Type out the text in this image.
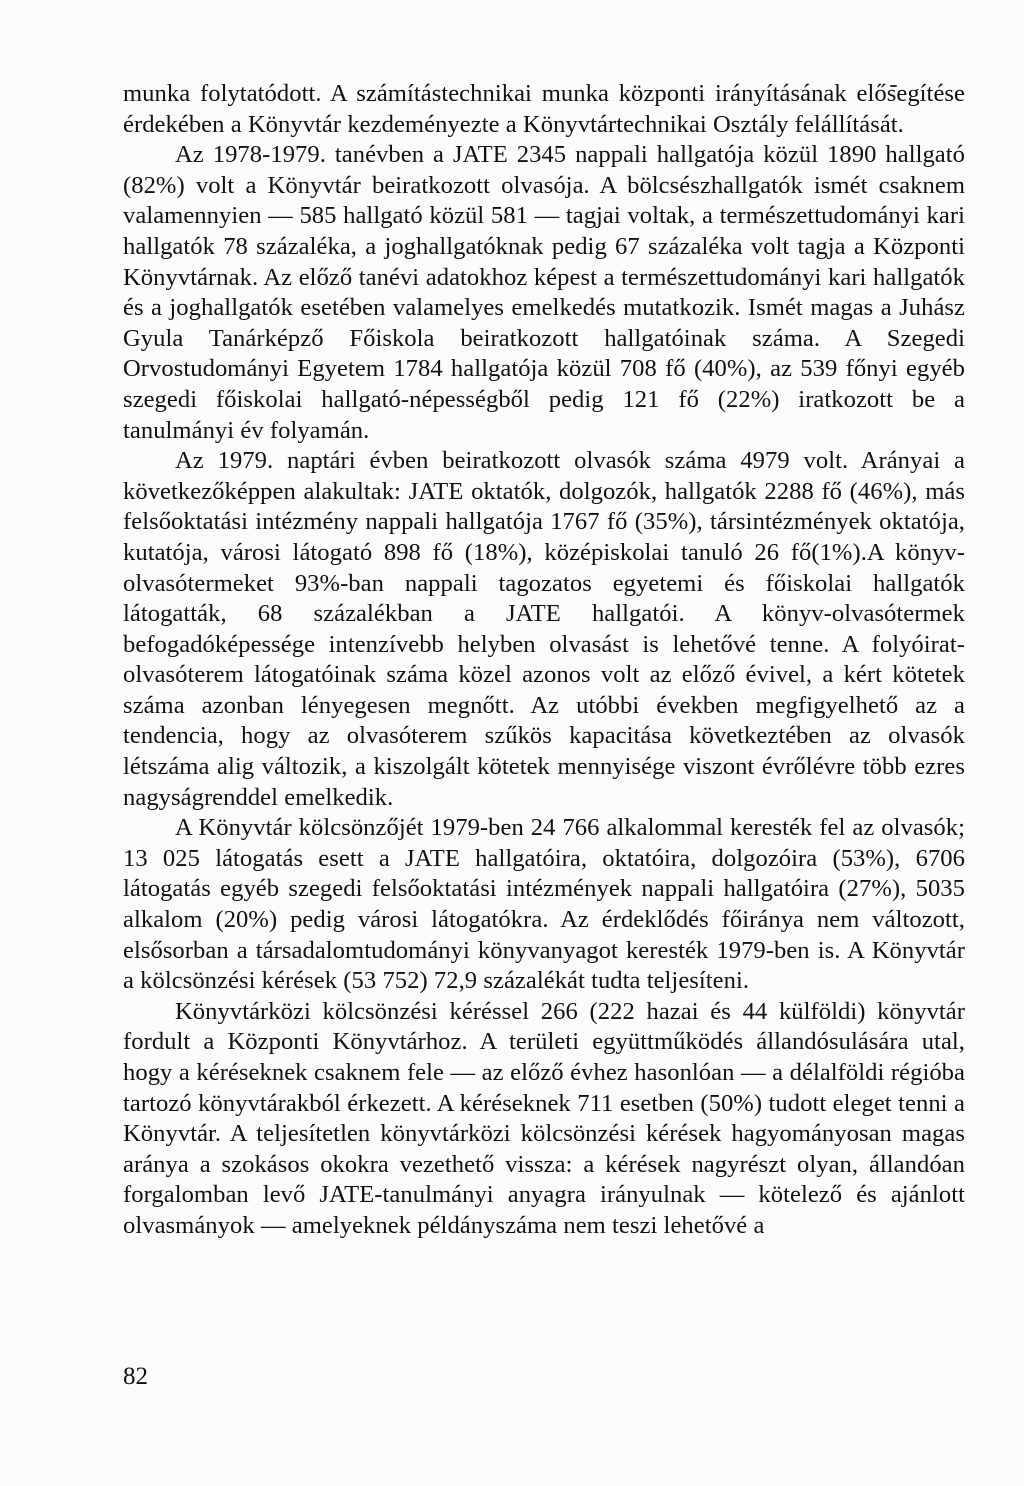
munka folytatódott. A számítástechnikai munka központi irányításának elősegítése érdekében a Könyvtár kezdeményezte a Könyvtártechnikai Osztály felállítását.

Az 1978-1979. tanévben a JATE 2345 nappali hallgatója közül 1890 hallgató (82%) volt a Könyvtár beiratkozott olvasója. A bölcsészhallgatók ismét csaknem valamennyien — 585 hallgató közül 581 — tagjai voltak, a természettudományi kari hallgatók 78 százaléka, a joghallgatóknak pedig 67 százaléka volt tagja a Központi Könyvtárnak. Az előző tanévi adatokhoz képest a természettudományi kari hallgatók és a joghallgatók esetében valamelyes emelkedés mutatkozik. Ismét magas a Juhász Gyula Tanárképző Főiskola beiratkozott hallgatóinak száma. A Szegedi Orvostudományi Egyetem 1784 hallgatója közül 708 fő (40%), az 539 főnyi egyéb szegedi főiskolai hallgató-népességből pedig 121 fő (22%) iratkozott be a tanulmányi év folyamán.

Az 1979. naptári évben beiratkozott olvasók száma 4979 volt. Arányai a következőképpen alakultak: JATE oktatók, dolgozók, hallgatók 2288 fő (46%), más felsőoktatási intézmény nappali hallgatója 1767 fő (35%), társintézmények oktatója, kutatója, városi látogató 898 fő (18%), középiskolai tanuló 26 fő(1%).A könyv-olvasótermeket 93%-ban nappali tagozatos egyetemi és főiskolai hallgatók látogatták, 68 százalékban a JATE hallgatói. A könyv-olvasótermek befogadóképessége intenzívebb helyben olvasást is lehetővé tenne. A folyóirat-olvasóterem látogatóinak száma közel azonos volt az előző évivel, a kért kötetek száma azonban lényegesen megnőtt. Az utóbbi években megfigyelhető az a tendencia, hogy az olvasóterem szűkös kapacitása következtében az olvasók létszáma alig változik, a kiszolgált kötetek mennyisége viszont évrőlévre több ezres nagyságrenddel emelkedik.

A Könyvtár kölcsönzőjét 1979-ben 24 766 alkalommal keresték fel az olvasók; 13 025 látogatás esett a JATE hallgatóira, oktatóira, dolgozóira (53%), 6706 látogatás egyéb szegedi felsőoktatási intézmények nappali hallgatóira (27%), 5035 alkalom (20%) pedig városi látogatókra. Az érdeklődés főiránya nem változott, elsősorban a társadalomtudományi könyvanyagot keresték 1979-ben is. A Könyvtár a kölcsönzési kérések (53 752) 72,9 százalékát tudta teljesíteni.

Könyvtárközi kölcsönzési kéréssel 266 (222 hazai és 44 külföldi) könyvtár fordult a Központi Könyvtárhoz. A területi együttműködés állandósulására utal, hogy a kéréseknek csaknem fele — az előző évhez hasonlóan — a délalföldi régióba tartozó könyvtárakból érkezett. A kéréseknek 711 esetben (50%) tudott eleget tenni a Könyvtár. A teljesítetlen könyvtárközi kölcsönzési kérések hagyományosan magas aránya a szokásos okokra vezethető vissza: a kérések nagyrészt olyan, állandóan forgalomban levő JATE-tanulmányi anyagra irányulnak — kötelező és ajánlott olvasmányok — amelyeknek példányszáma nem teszi lehetővé a

82
